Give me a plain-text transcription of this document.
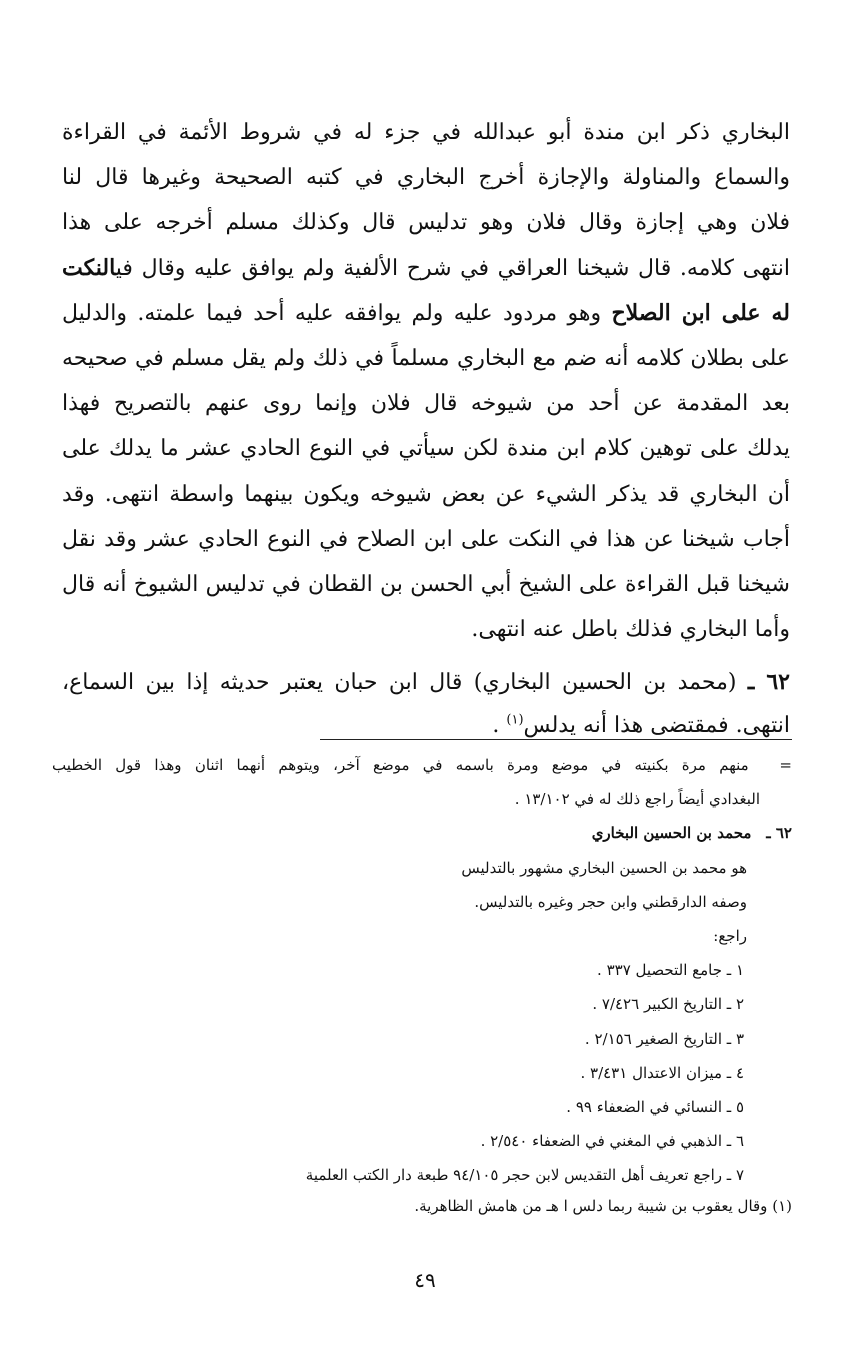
البخاري ذكر ابن مندة أبو عبدالله في جزء له في شروط الأئمة في القراءة
والسماع والمناولة والإجازة أخرج البخاري في كتبه الصحيحة وغيرها قال لنا
فلان وهي إجازة وقال فلان وهو تدليس قال وكذلك مسلم أخرجه على هذا
انتهى كلامه. قال شيخنا العراقي في شرح الألفية ولم يوافق عليه وقال فيالنكت
له على ابن الصلاح وهو مردود عليه ولم يوافقه عليه أحد فيما علمته. والدليل
على بطلان كلامه أنه ضم مع البخاري مسلماً في ذلك ولم يقل مسلم في صحيحه
بعد المقدمة عن أحد من شيوخه قال فلان وإنما روى عنهم بالتصريح فهذا
يدلك على توهين كلام ابن مندة لكن سيأتي في النوع الحادي عشر ما يدلك على
أن البخاري قد يذكر الشيء عن بعض شيوخه ويكون بينهما واسطة انتهى. وقد
أجاب شيخنا عن هذا في النكت على ابن الصلاح في النوع الحادي عشر وقد نقل
شيخنا قبل القراءة على الشيخ أبي الحسن بن القطان في تدليس الشيوخ أنه قال
وأما البخاري فذلك باطل عنه انتهى.
٦٢ ـ (محمد بن الحسين البخاري) قال ابن حبان يعتبر حديثه إذا بين السماع،
انتهى. فمقتضى هذا أنه يدلس$^{(١)}$ .
= منهم مرة بكنيته في موضع ومرة باسمه في موضع آخر، ويتوهم أنهما اثنان وهذا قول الخطيب
البغدادي أيضاً راجع ذلك له في ١٣/١٠٢ .
٦٢ ـ محمد بن الحسين البخاري
هو محمد بن الحسين البخاري مشهور بالتدليس
وصفه الدارقطني وابن حجر وغيره بالتدليس.
راجع:
١ ـ جامع التحصيل ٣٣٧ .
٢ ـ التاريخ الكبير ٧/٤٢٦ .
٣ ـ التاريخ الصغير ٢/١٥٦ .
٤ ـ ميزان الاعتدال ٣/٤٣١ .
٥ ـ النسائي في الضعفاء ٩٩ .
٦ ـ الذهبي في المغني في الضعفاء ٢/٥٤٠ .
٧ ـ راجع تعريف أهل التقديس لابن حجر ٩٤/١٠٥ طبعة دار الكتب العلمية
(١) وقال يعقوب بن شيبة ربما دلس ا هـ من هامش الظاهرية.
٤٩
